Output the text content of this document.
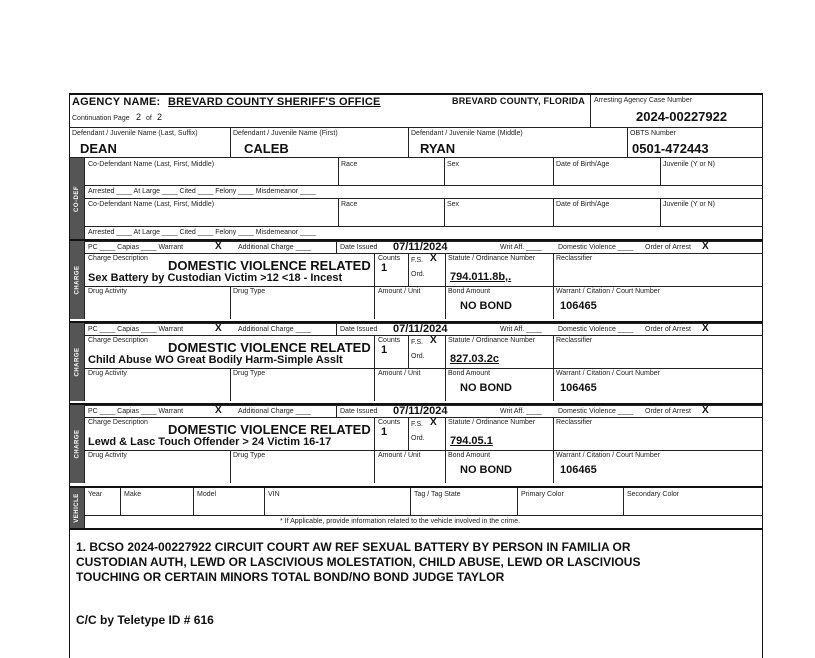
AGENCY NAME: BREVARD COUNTY SHERIFF'S OFFICE	BREVARD COUNTY, FLORIDA Arresting Agency Case Number
2024-00227922
Continuation Page 2 of 2
Defendant / Juvenile Name (Last, Suffix)
DEAN
Defendant / Juvenile Name (First)
CALEB
Defendant / Juvenile Name (Middle)
RYAN
OBTS Number
0501-472443
CO-DEF
Co-Defendant Name (Last, First, Middle)	Race	Sex	Date of Birth/Age	Juvenile (Y or N)
Arrested ____ At Large ____ Cited ____ Felony ____ Misdemeanor ____
Co-Defendant Name (Last, First, Middle)	Race	Sex	Date of Birth/Age	Juvenile (Y or N)
Arrested ____ At Large ____ Cited ____ Felony ____ Misdemeanor ____
PC ____ Capias ____ Warrant	X Additional Charge ____	Date Issued 07/11/2024	Writ Aff. ____ Domestic Violence ____ Order of Arrest X
Charge Description DOMESTIC VIOLENCE RELATED
Sex Battery by Custodian Victim >12 <18 - Incest
Counts
1
F.S. X
Ord.
Statute / Ordinance Number
794.011.8b,.
Reclassifier
Drug Activity	Drug Type	Amount / Unit	Bond Amount
NO BOND
Warrant / Citation / Court Number
106465
CHARGE
PC ____ Capias ____ Warrant	X Additional Charge ____	Date Issued 07/11/2024	Writ Aff. ____ Domestic Violence ____ Order of Arrest X
Charge Description DOMESTIC VIOLENCE RELATED
Child Abuse WO Great Bodily Harm-Simple Asslt
Counts
1
F.S. X
Ord.
Statute / Ordinance Number
827.03.2c
Reclassifier
Drug Activity	Drug Type	Amount / Unit	Bond Amount
NO BOND
Warrant / Citation / Court Number
106465
CHARGE
PC ____ Capias ____ Warrant	X Additional Charge ____	Date Issued 07/11/2024	Writ Aff. ____ Domestic Violence ____ Order of Arrest X
Charge Description DOMESTIC VIOLENCE RELATED
Lewd & Lasc Touch Offender > 24 Victim 16-17
Counts
1
F.S. X
Ord.
Statute / Ordinance Number
794.05.1
Reclassifier
Drug Activity	Drug Type	Amount / Unit	Bond Amount
NO BOND
Warrant / Citation / Court Number
106465
CHARGE
VEHICLE Year	Make	Model	VIN	Tag / Tag State	Primary Color	Secondary Color
* If Applicable, provide information related to the vehicle involved in the crime.
1. BCSO 2024-00227922 CIRCUIT COURT AW REF SEXUAL BATTERY BY PERSON IN FAMILIA OR
CUSTODIAN AUTH, LEWD OR LASCIVIOUS MOLESTATION, CHILD ABUSE, LEWD OR LASCIVIOUS
TOUCHING OR CERTAIN MINORS TOTAL BOND/NO BOND JUDGE TAYLOR
C/C by Teletype ID # 616
